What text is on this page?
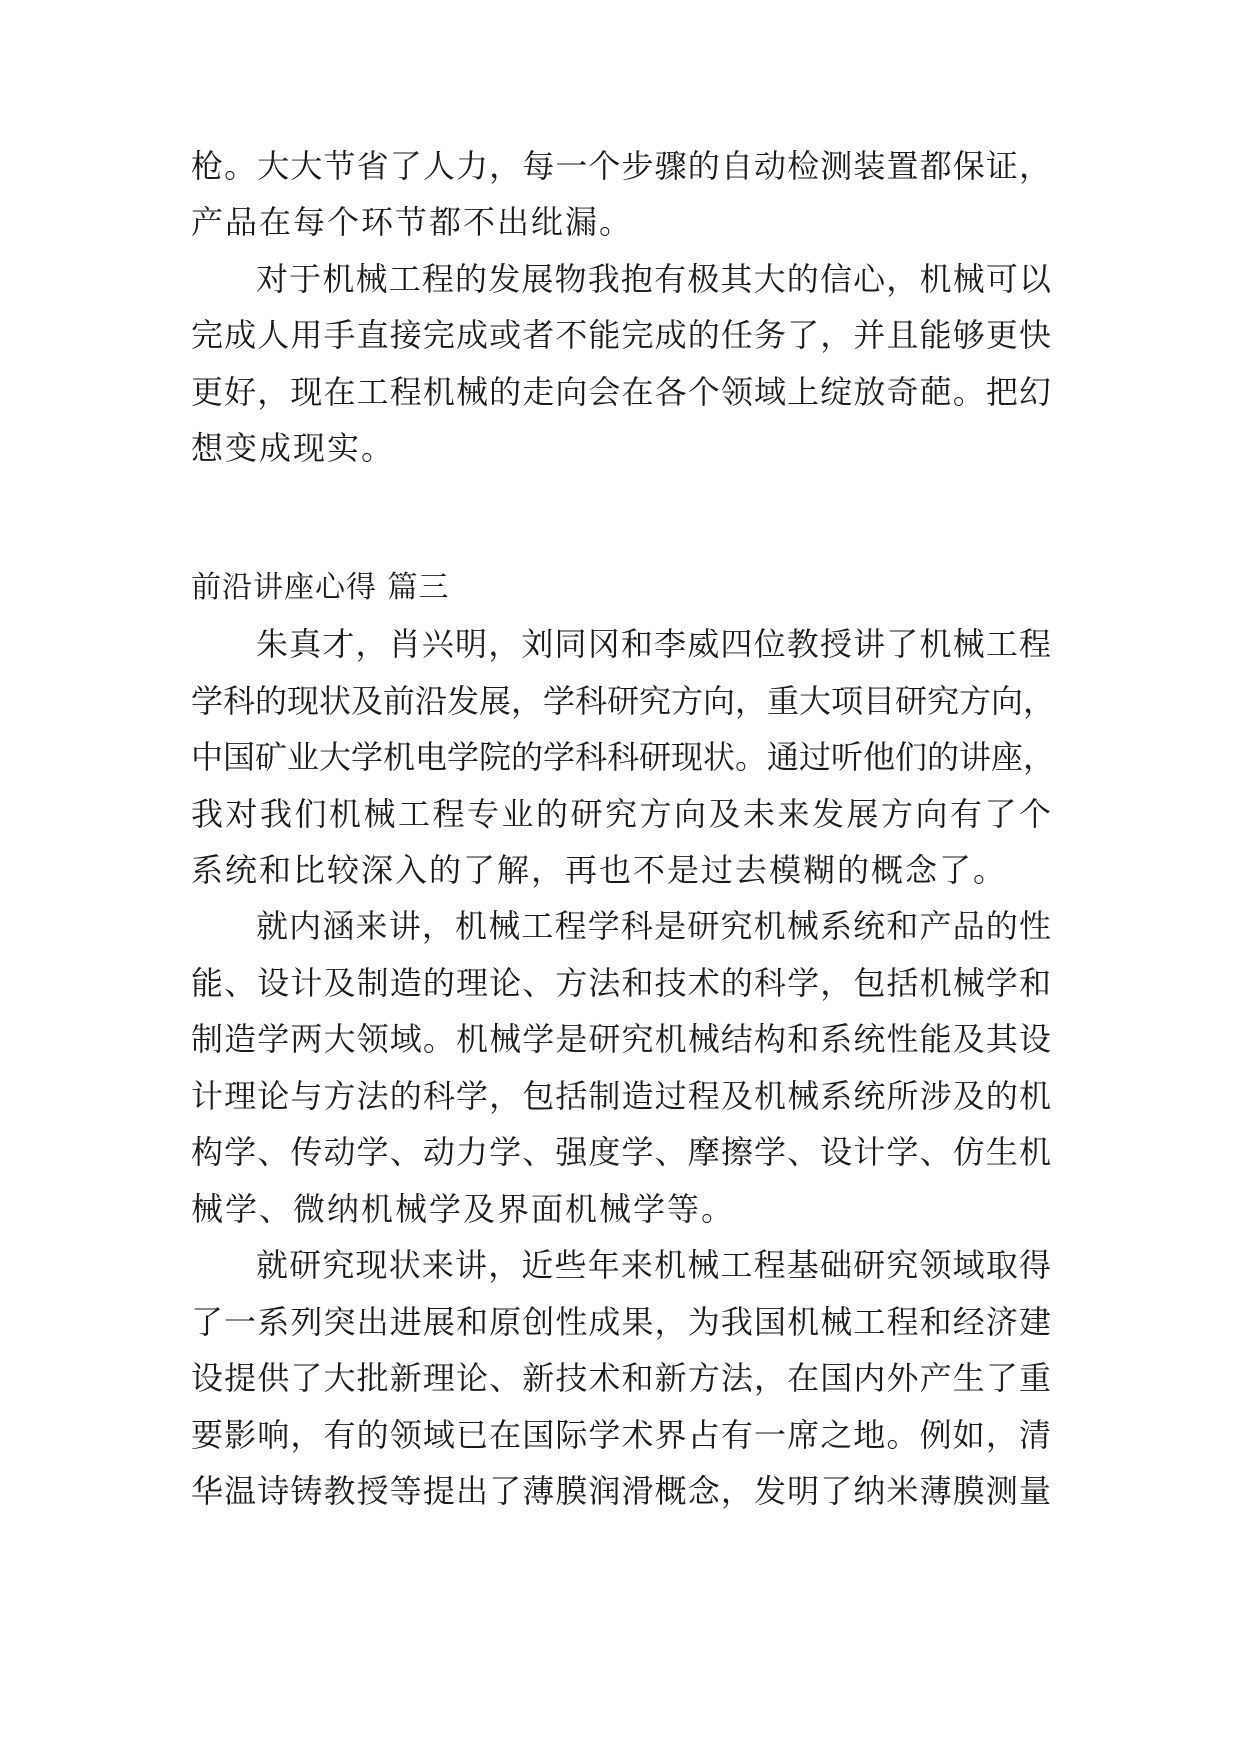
枪。大大节省了人力，每一个步骤的自动检测装置都保证，
产品在每个环节都不出纰漏。
对于机械工程的发展物我抱有极其大的信心，机械可以
完成人用手直接完成或者不能完成的任务了，并且能够更快
更好，现在工程机械的走向会在各个领域上绽放奇葩。把幻
想变成现实。
前沿讲座心得 篇三
朱真才，肖兴明，刘同冈和李威四位教授讲了机械工程
学科的现状及前沿发展，学科研究方向，重大项目研究方向，
中国矿业大学机电学院的学科科研现状。通过听他们的讲座，
我对我们机械工程专业的研究方向及未来发展方向有了个
系统和比较深入的了解，再也不是过去模糊的概念了。
就内涵来讲，机械工程学科是研究机械系统和产品的性
能、设计及制造的理论、方法和技术的科学，包括机械学和
制造学两大领域。机械学是研究机械结构和系统性能及其设
计理论与方法的科学，包括制造过程及机械系统所涉及的机
构学、传动学、动力学、强度学、摩擦学、设计学、仿生机
械学、微纳机械学及界面机械学等。
就研究现状来讲，近些年来机械工程基础研究领域取得
了一系列突出进展和原创性成果，为我国机械工程和经济建
设提供了大批新理论、新技术和新方法，在国内外产生了重
要影响，有的领域已在国际学术界占有一席之地。例如，清
华温诗铸教授等提出了薄膜润滑概念，发明了纳米薄膜测量
